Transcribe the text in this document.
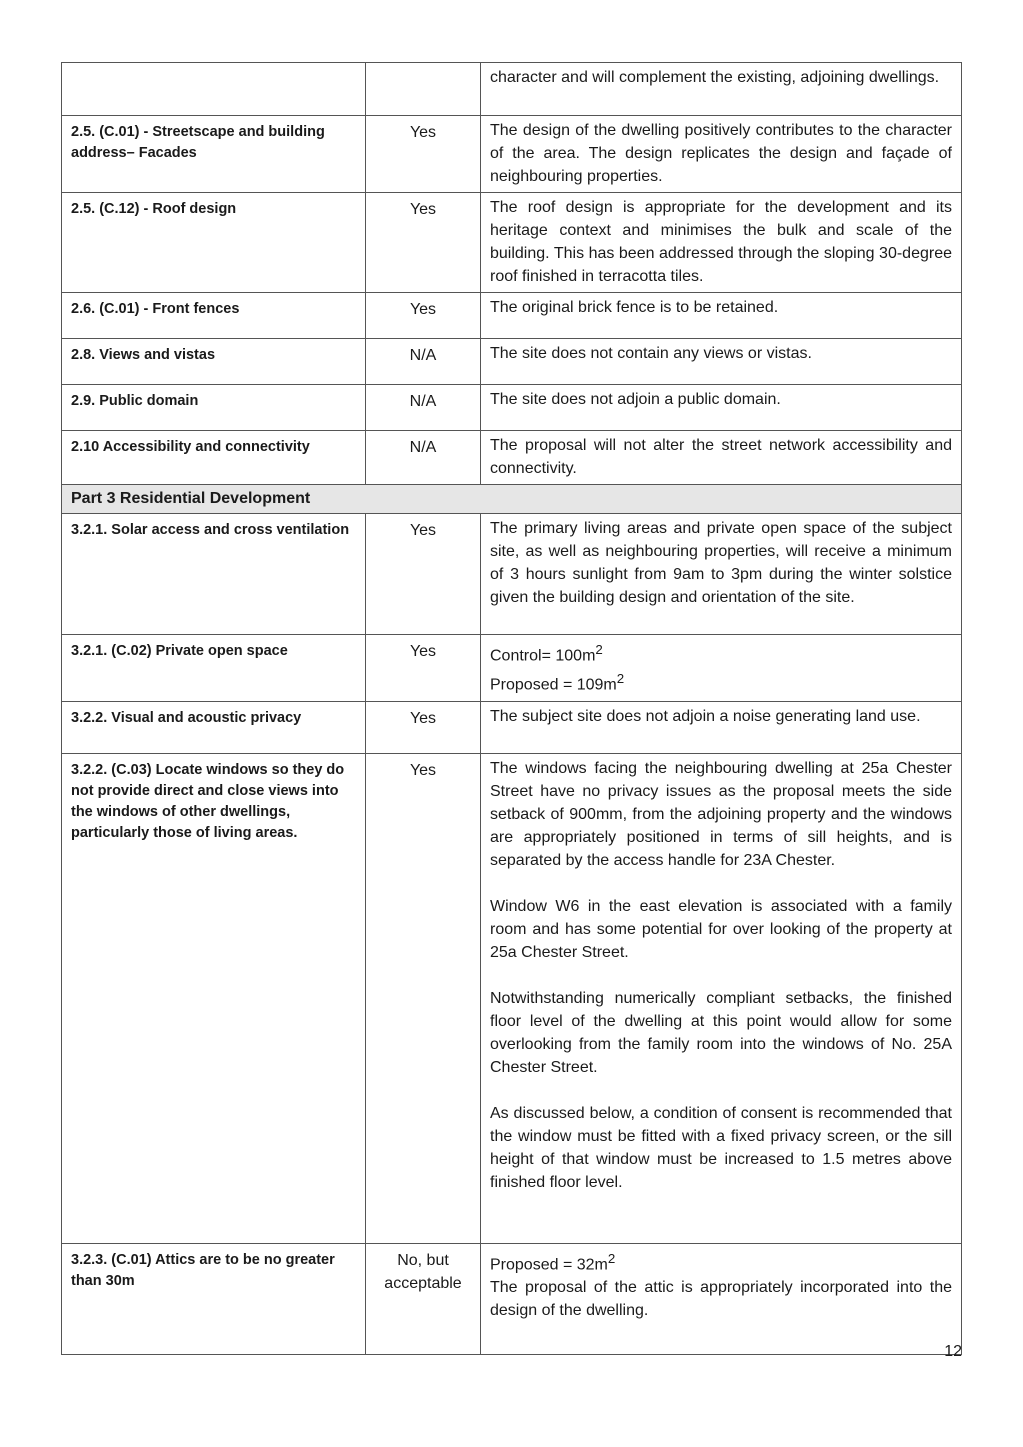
		character and will complement the existing, adjoining dwellings.
2.5. (C.01) - Streetscape and building address– Facades	Yes	The design of the dwelling positively contributes to the character of the area. The design replicates the design and façade of neighbouring properties.
2.5. (C.12) - Roof design	Yes	The roof design is appropriate for the development and its heritage context and minimises the bulk and scale of the building. This has been addressed through the sloping 30-degree roof finished in terracotta tiles.
2.6. (C.01) - Front fences	Yes	The original brick fence is to be retained.
2.8. Views and vistas	N/A	The site does not contain any views or vistas.
2.9. Public domain	N/A	The site does not adjoin a public domain.
2.10 Accessibility and connectivity	N/A	The proposal will not alter the street network accessibility and connectivity.
Part 3 Residential Development		
3.2.1. Solar access and cross ventilation	Yes	The primary living areas and private open space of the subject site, as well as neighbouring properties, will receive a minimum of 3 hours sunlight from 9am to 3pm during the winter solstice given the building design and orientation of the site.
3.2.1. (C.02) Private open space	Yes	Control= $100m^2$
Proposed = $109m^2$

3.2.2. Visual and acoustic privacy	Yes	The subject site does not adjoin a noise generating land use.
3.2.2. (C.03) Locate windows so they do not provide direct and close views into the windows of other dwellings, particularly those of living areas.	Yes	The windows facing the neighbouring dwelling at 25a Chester Street have no privacy issues as the proposal meets the side setback of 900mm, from the adjoining property and the windows are appropriately positioned in terms of sill heights, and is separated by the access handle for 23A Chester.

Window W6 in the east elevation is associated with a family room and has some potential for over looking of the property at 25a Chester Street.

Notwithstanding numerically compliant setbacks, the finished floor level of the dwelling at this point would allow for some overlooking from the family room into the windows of No. 25A Chester Street.

As discussed below, a condition of consent is recommended that the window must be fitted with a fixed privacy screen, or the sill height of that window must be increased to 1.5 metres above finished floor level.

3.2.3. (C.01) Attics are to be no greater than 30m	No, but acceptable	Proposed = $32m^2$
The proposal of the attic is appropriately incorporated into the design of the dwelling.
12
